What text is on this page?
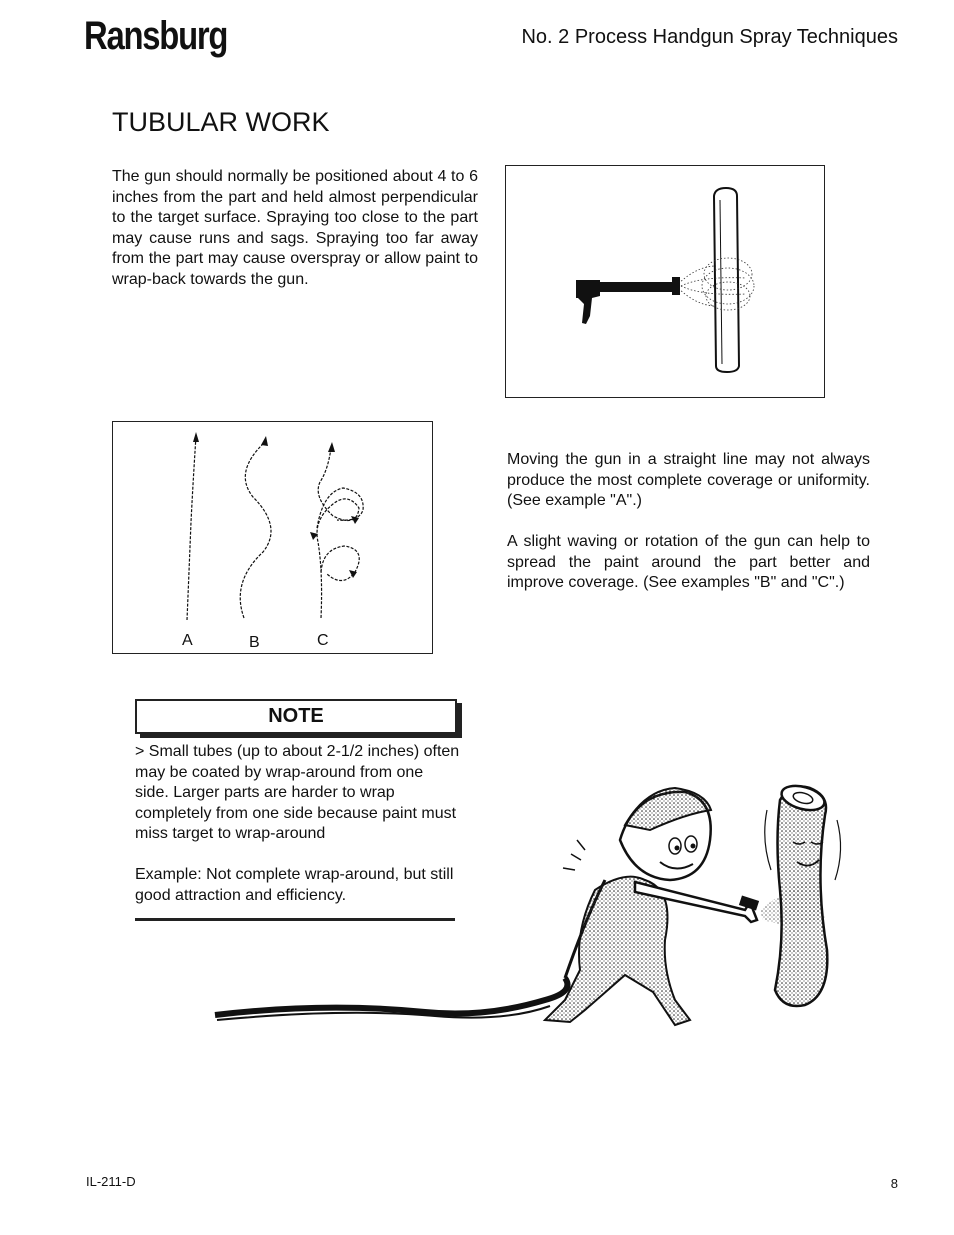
Ransburg	No. 2 Process Handgun Spray Techniques
TUBULAR WORK
The gun should normally be positioned about 4 to 6 inches from the part and held almost perpendicular to the target surface. Spraying too close to the part may cause runs and sags. Spraying too far away from the part may cause overspray or allow paint to wrap-back towards the gun.
A	B	C
Moving the gun in a straight line may not always produce the most complete coverage or uniformity. (See example "A".)
A slight waving or rotation of the gun can help to spread the paint around the part better and improve coverage. (See examples "B" and "C".)
NOTE
> Small tubes (up to about 2-1/2 inches) often may be coated by wrap-around from one side. Larger parts are harder to wrap completely from one side because paint must miss target to wrap-around
Example: Not complete wrap-around, but still good attraction and efficiency.
IL-211-D	8
